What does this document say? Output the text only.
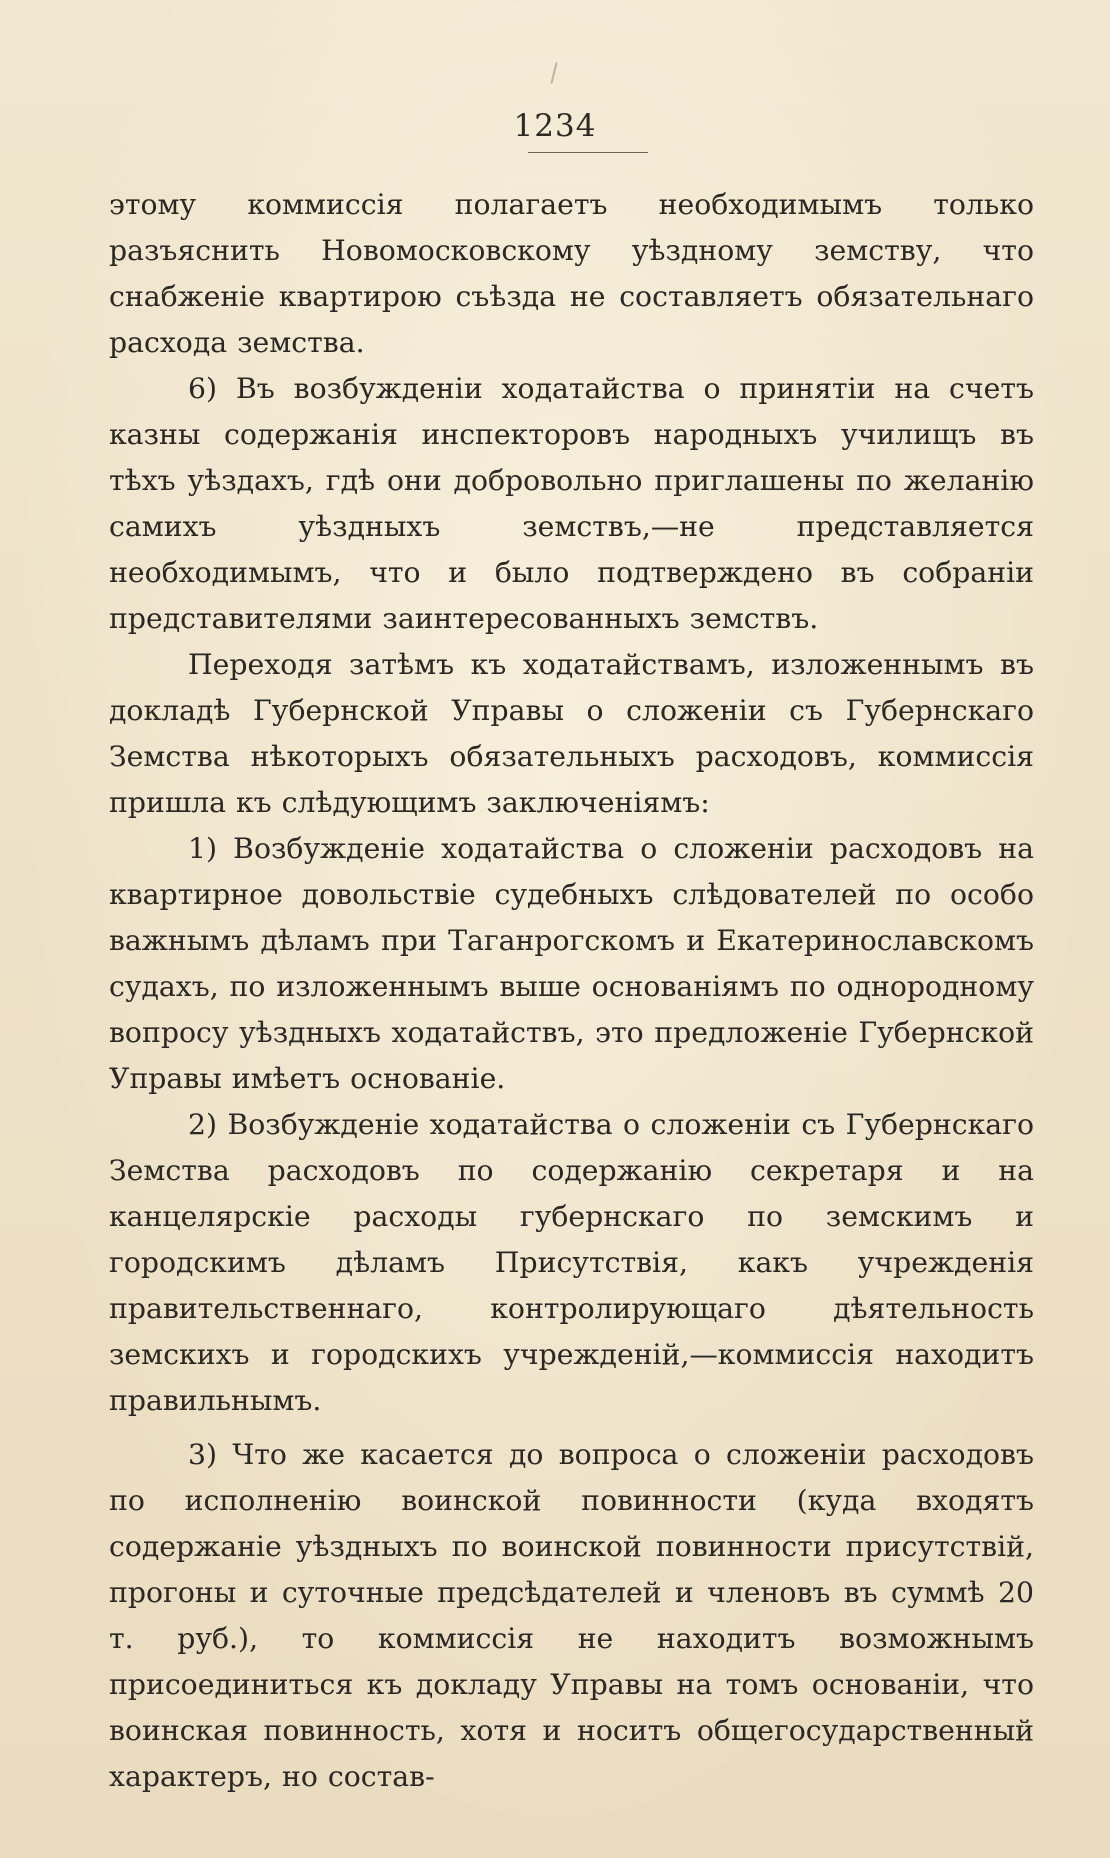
1234

этому коммиссія полагаетъ необходимымъ только разъяснить Новомосковскому уѣздному земству, что снабженіе квартирою съѣзда не составляетъ обязательнаго расхода земства.

6) Въ возбужденіи ходатайства о принятіи на счетъ казны содержанія инспекторовъ народныхъ училищъ въ тѣхъ уѣздахъ, гдѣ они добровольно приглашены по желанію самихъ уѣздныхъ земствъ,—не представляется необходимымъ, что и было подтверждено въ собраніи представителями заинтересованныхъ земствъ.

Переходя затѣмъ къ ходатайствамъ, изложеннымъ въ докладѣ Губернской Управы о сложеніи съ Губернскаго Земства нѣкоторыхъ обязательныхъ расходовъ, коммиссія пришла къ слѣдующимъ заключеніямъ:

1) Возбужденіе ходатайства о сложеніи расходовъ на квартирное довольствіе судебныхъ слѣдователей по особо важнымъ дѣламъ при Таганрогскомъ и Екатеринославскомъ судахъ, по изложеннымъ выше основаніямъ по однородному вопросу уѣздныхъ ходатайствъ, это предложеніе Губернской Управы имѣетъ основаніе.

2) Возбужденіе ходатайства о сложеніи съ Губернскаго Земства расходовъ по содержанію секретаря и на канцелярскіе расходы губернскаго по земскимъ и городскимъ дѣламъ Присутствія, какъ учрежденія правительственнаго, контролирующаго дѣятельность земскихъ и городскихъ учрежденій,—коммиссія находитъ правильнымъ.

3) Что же касается до вопроса о сложеніи расходовъ по исполненію воинской повинности (куда входятъ содержаніе уѣздныхъ по воинской повинности присутствій, прогоны и суточные предсѣдателей и членовъ въ суммѣ 20 т. руб.), то коммиссія не находитъ возможнымъ присоединиться къ докладу Управы на томъ основаніи, что воинская повинность, хотя и носитъ общегосударственный характеръ, но состав-
